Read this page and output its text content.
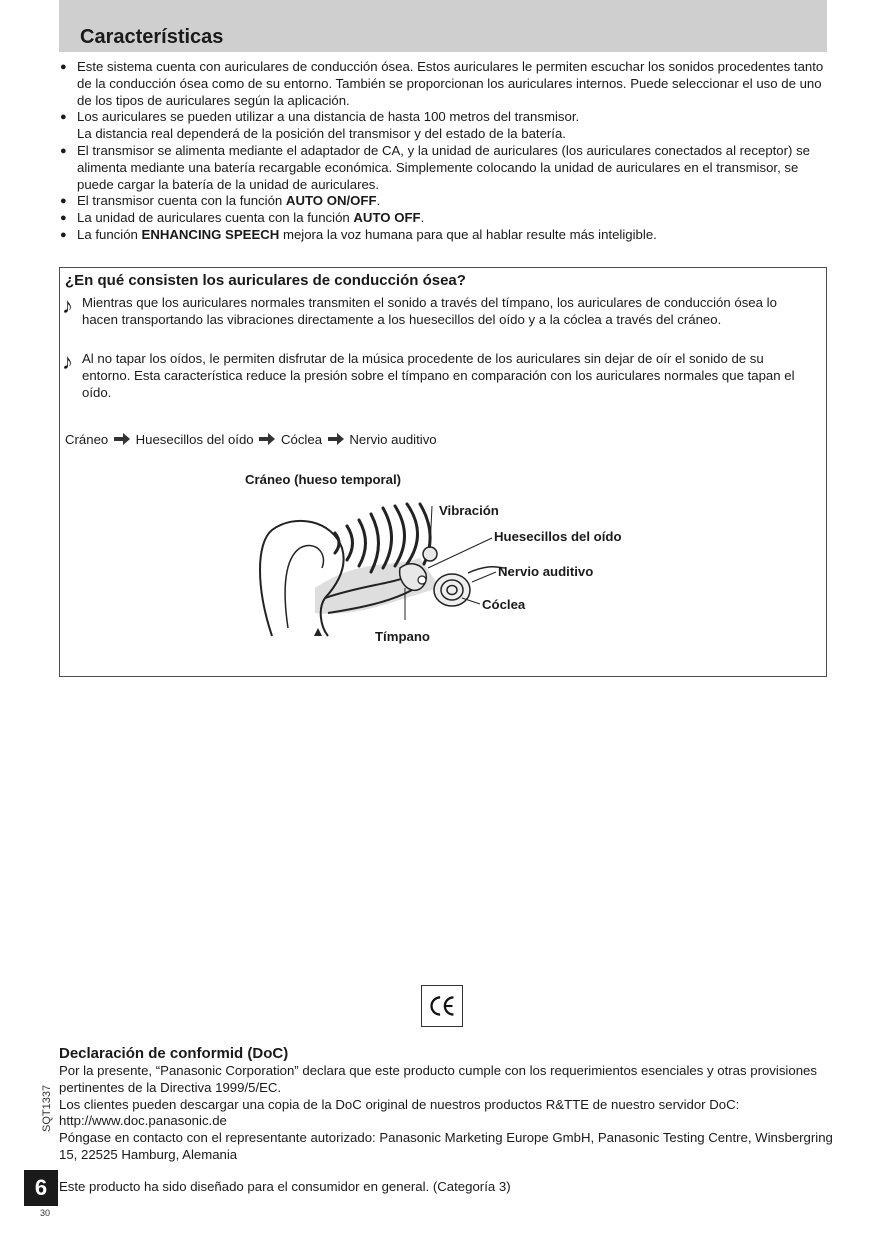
Características
● Este sistema cuenta con auriculares de conducción ósea. Estos auriculares le permiten escuchar los sonidos procedentes tanto de la conducción ósea como de su entorno. También se proporcionan los auriculares internos. Puede seleccionar el uso de uno de los tipos de auriculares según la aplicación.
● Los auriculares se pueden utilizar a una distancia de hasta 100 metros del transmisor.
La distancia real dependerá de la posición del transmisor y del estado de la batería.
● El transmisor se alimenta mediante el adaptador de CA, y la unidad de auriculares (los auriculares conectados al receptor) se alimenta mediante una batería recargable económica. Simplemente colocando la unidad de auriculares en el transmisor, se puede cargar la batería de la unidad de auriculares.
● El transmisor cuenta con la función AUTO ON/OFF.
● La unidad de auriculares cuenta con la función AUTO OFF.
● La función ENHANCING SPEECH mejora la voz humana para que al hablar resulte más inteligible.
¿En qué consisten los auriculares de conducción ósea?
♪ Mientras que los auriculares normales transmiten el sonido a través del tímpano, los auriculares de conducción ósea lo hacen transportando las vibraciones directamente a los huesecillos del oído y a la cóclea a través del cráneo.
♪ Al no tapar los oídos, le permiten disfrutar de la música procedente de los auriculares sin dejar de oír el sonido de su entorno. Esta característica reduce la presión sobre el tímpano en comparación con los auriculares normales que tapan el oído.
Cráneo Huesecillos del oído Cóclea Nervio auditivo
Cráneo (hueso temporal)
Vibración
Huesecillos del oído
Nervio auditivo
Cóclea
Tímpano
Declaración de conformid (DoC)

Por la presente, “Panasonic Corporation” declara que este producto cumple con los requerimientos esenciales y otras provisiones pertinentes de la Directiva 1999/5/EC.

Los clientes pueden descargar una copia de la DoC original de nuestros productos R&TTE de nuestro servidor DoC:

http://www.doc.panasonic.de

Póngase en contacto con el representante autorizado: Panasonic Marketing Europe GmbH, Panasonic Testing Centre, Winsbergring 15, 22525 Hamburg, Alemania

Este producto ha sido diseñado para el consumidor en general. (Categoría 3)
SQT1337
6
30
